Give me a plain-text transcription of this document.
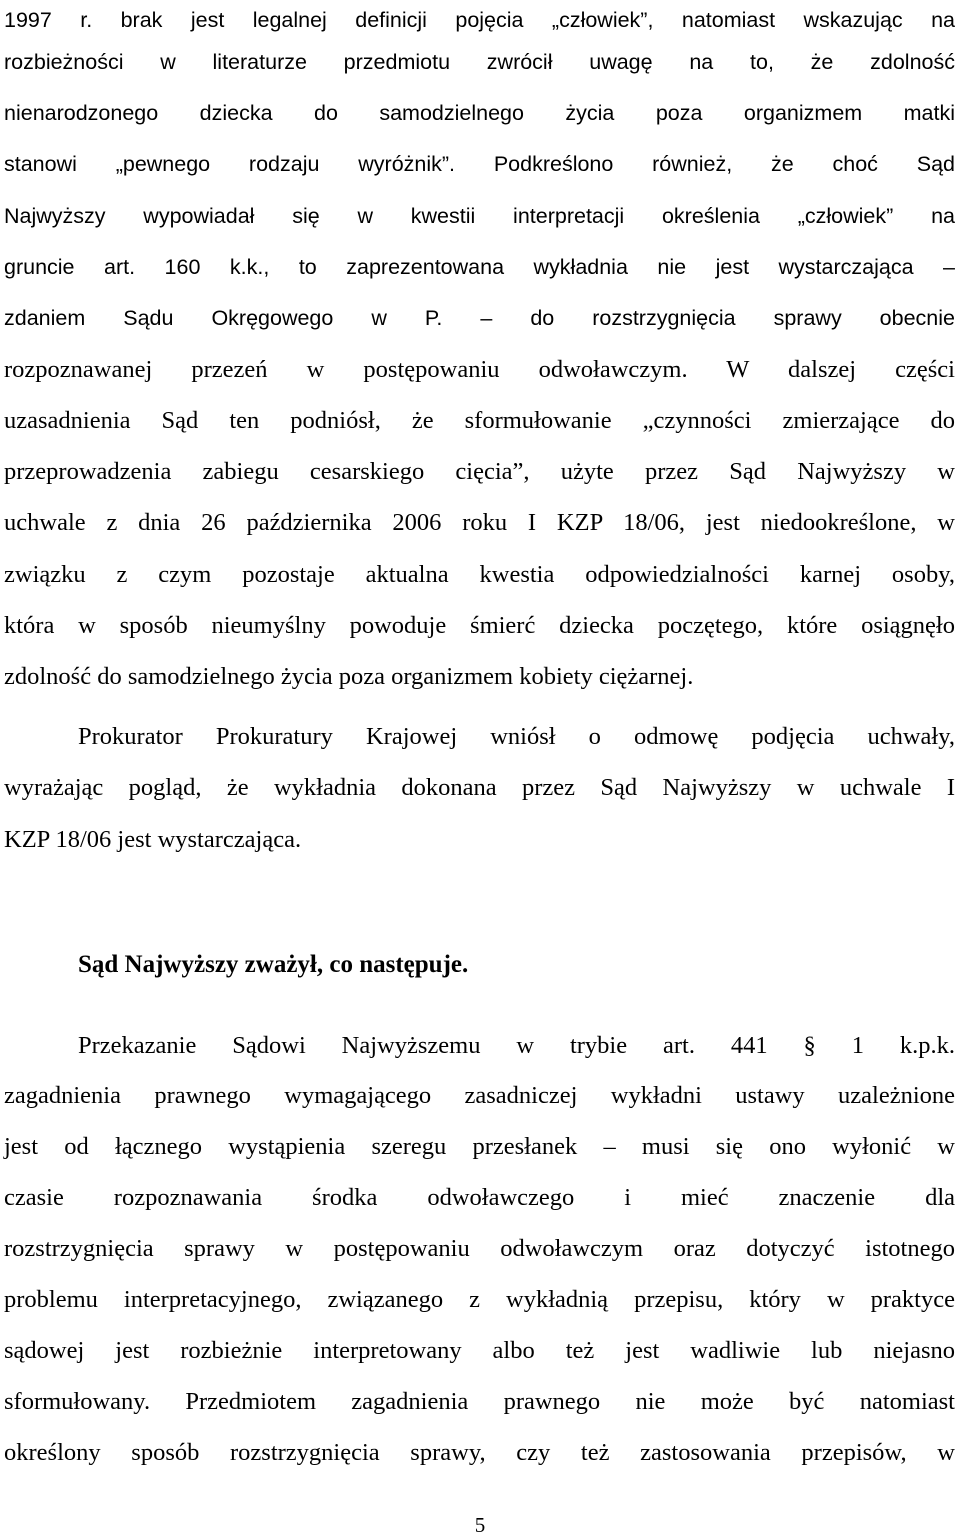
1997 r. brak jest legalnej definicji pojęcia „człowiek”, natomiast wskazując na
rozbieżności w literaturze przedmiotu zwrócił uwagę na to, że zdolność
nienarodzonego dziecka do samodzielnego życia poza organizmem matki
stanowi „pewnego rodzaju wyróżnik”. Podkreślono również, że choć Sąd
Najwyższy wypowiadał się w kwestii interpretacji określenia „człowiek” na
gruncie art. 160 k.k., to zaprezentowana wykładnia nie jest wystarczająca –
zdaniem Sądu Okręgowego w P. – do rozstrzygnięcia sprawy obecnie
rozpoznawanej przezeń w postępowaniu odwoławczym. W dalszej części
uzasadnienia Sąd ten podniósł, że sformułowanie „czynności zmierzające do
przeprowadzenia zabiegu cesarskiego cięcia”, użyte przez Sąd Najwyższy w
uchwale z dnia 26 października 2006 roku I KZP 18/06, jest niedookreślone, w
związku z czym pozostaje aktualna kwestia odpowiedzialności karnej osoby,
która w sposób nieumyślny powoduje śmierć dziecka poczętego, które osiągnęło
zdolność do samodzielnego życia poza organizmem kobiety ciężarnej.
Prokurator Prokuratury Krajowej wniósł o odmowę podjęcia uchwały,
wyrażając pogląd, że wykładnia dokonana przez Sąd Najwyższy w uchwale I
KZP 18/06 jest wystarczająca.
Sąd Najwyższy zważył, co następuje.
Przekazanie Sądowi Najwyższemu w trybie art. 441 § 1 k.p.k.
zagadnienia prawnego wymagającego zasadniczej wykładni ustawy uzależnione
jest od łącznego wystąpienia szeregu przesłanek – musi się ono wyłonić w
czasie rozpoznawania środka odwoławczego i mieć znaczenie dla
rozstrzygnięcia sprawy w postępowaniu odwoławczym oraz dotyczyć istotnego
problemu interpretacyjnego, związanego z wykładnią przepisu, który w praktyce
sądowej jest rozbieżnie interpretowany albo też jest wadliwie lub niejasno
sformułowany. Przedmiotem zagadnienia prawnego nie może być natomiast
określony sposób rozstrzygnięcia sprawy, czy też zastosowania przepisów, w
5
